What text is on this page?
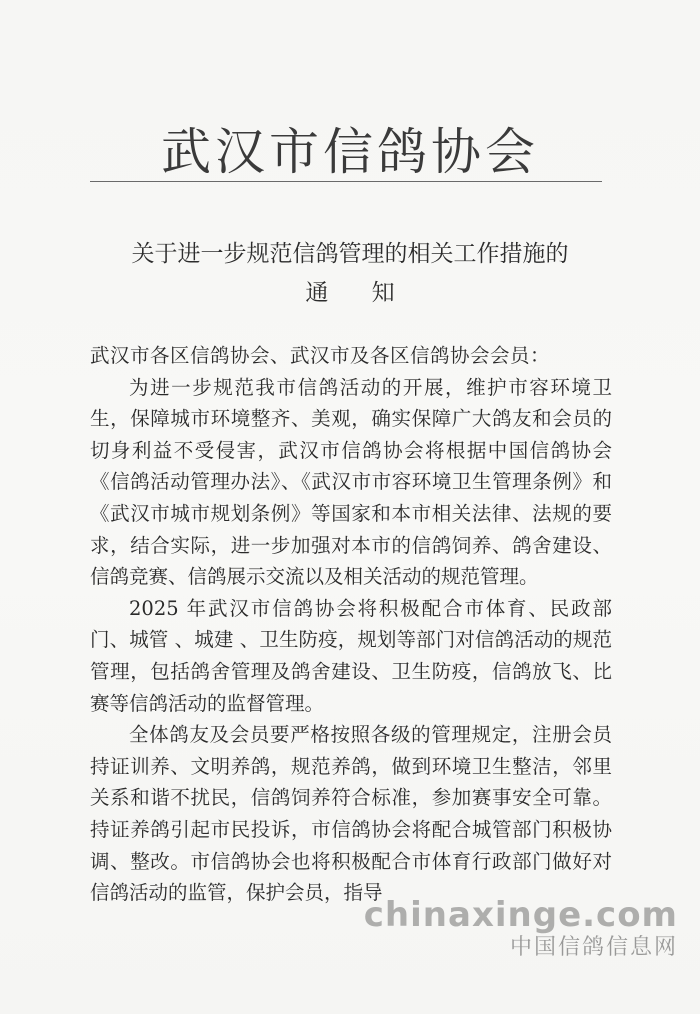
武汉市信鸽协会
关于进一步规范信鸽管理的相关工作措施的
通 知

武汉市各区信鸽协会、武汉市及各区信鸽协会会员：

为进一步规范我市信鸽活动的开展，维护市容环境卫生，保障城市环境整齐、美观，确实保障广大鸽友和会员的切身利益不受侵害，武汉市信鸽协会将根据中国信鸽协会《信鸽活动管理办法》、《武汉市市容环境卫生管理条例》和《武汉市城市规划条例》等国家和本市相关法律、法规的要求，结合实际，进一步加强对本市的信鸽饲养、鸽舍建设、信鸽竞赛、信鸽展示交流以及相关活动的规范管理。

2025 年武汉市信鸽协会将积极配合市体育、民政部门、城管 、城建 、卫生防疫，规划等部门对信鸽活动的规范管理，包括鸽舍管理及鸽舍建设、卫生防疫，信鸽放飞、比赛等信鸽活动的监督管理。

全体鸽友及会员要严格按照各级的管理规定，注册会员持证训养、文明养鸽，规范养鸽，做到环境卫生整洁，邻里关系和谐不扰民，信鸽饲养符合标准，参加赛事安全可靠。持证养鸽引起市民投诉，市信鸽协会将配合城管部门积极协调、整改。市信鸽协会也将积极配合市体育行政部门做好对信鸽活动的监管，保护会员，指导

chinaxinge.com
中国信鸽信息网
